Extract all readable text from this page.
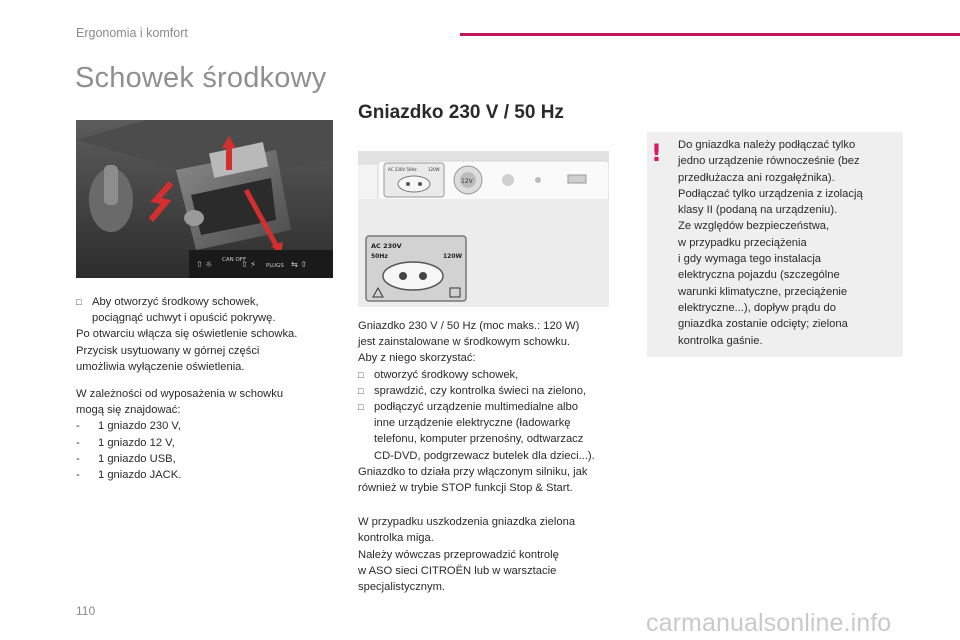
Ergonomia i komfort
Schowek środkowy
Gniazdko 230 V / 50 Hz
⇧ ☼ CAN OFF
⇧ ⚡ PLUGS ⇆ ⇧
AC 230V 50Hz	120W
12V
AC 230V
50Hz	120W
□ Aby otworzyć środkowy schowek,

pociągnąć uchwyt i opuścić pokrywę.

Po otwarciu włącza się oświetlenie schowka.

Przycisk usytuowany w górnej części

umożliwia wyłączenie oświetlenia.

W zależności od wyposażenia w schowku

mogą się znajdować:

-	1 gniazdo 230 V,
-	1 gniazdo 12 V,
-	1 gniazdo USB,
-	1 gniazdo JACK.

Gniazdko 230 V / 50 Hz (moc maks.: 120 W)

jest zainstalowane w środkowym schowku.

Aby z niego skorzystać:

□ otworzyć środkowy schowek,
□ sprawdzić, czy kontrolka świeci na zielono,
□ podłączyć urządzenie multimedialne albo

inne urządzenie elektryczne (ładowarkę

telefonu, komputer przenośny, odtwarzacz

CD-DVD, podgrzewacz butelek dla dzieci...).

Gniazdko to działa przy włączonym silniku, jak

również w trybie STOP funkcji Stop & Start.

W przypadku uszkodzenia gniazdka zielona

kontrolka miga.

Należy wówczas przeprowadzić kontrolę

w ASO sieci CITROËN lub w warsztacie

specjalistycznym.

! Do gniazdka należy podłączać tylko

jedno urządzenie równocześnie (bez

przedłużacza ani rozgałęźnika).

Podłączać tylko urządzenia z izolacją

klasy II (podaną na urządzeniu).

Ze względów bezpieczeństwa,

w przypadku przeciążenia

i gdy wymaga tego instalacja

elektryczna pojazdu (szczególne

warunki klimatyczne, przeciążenie

elektryczne...), dopływ prądu do

gniazdka zostanie odcięty; zielona

kontrolka gaśnie.

110	carmanualsonline.info
